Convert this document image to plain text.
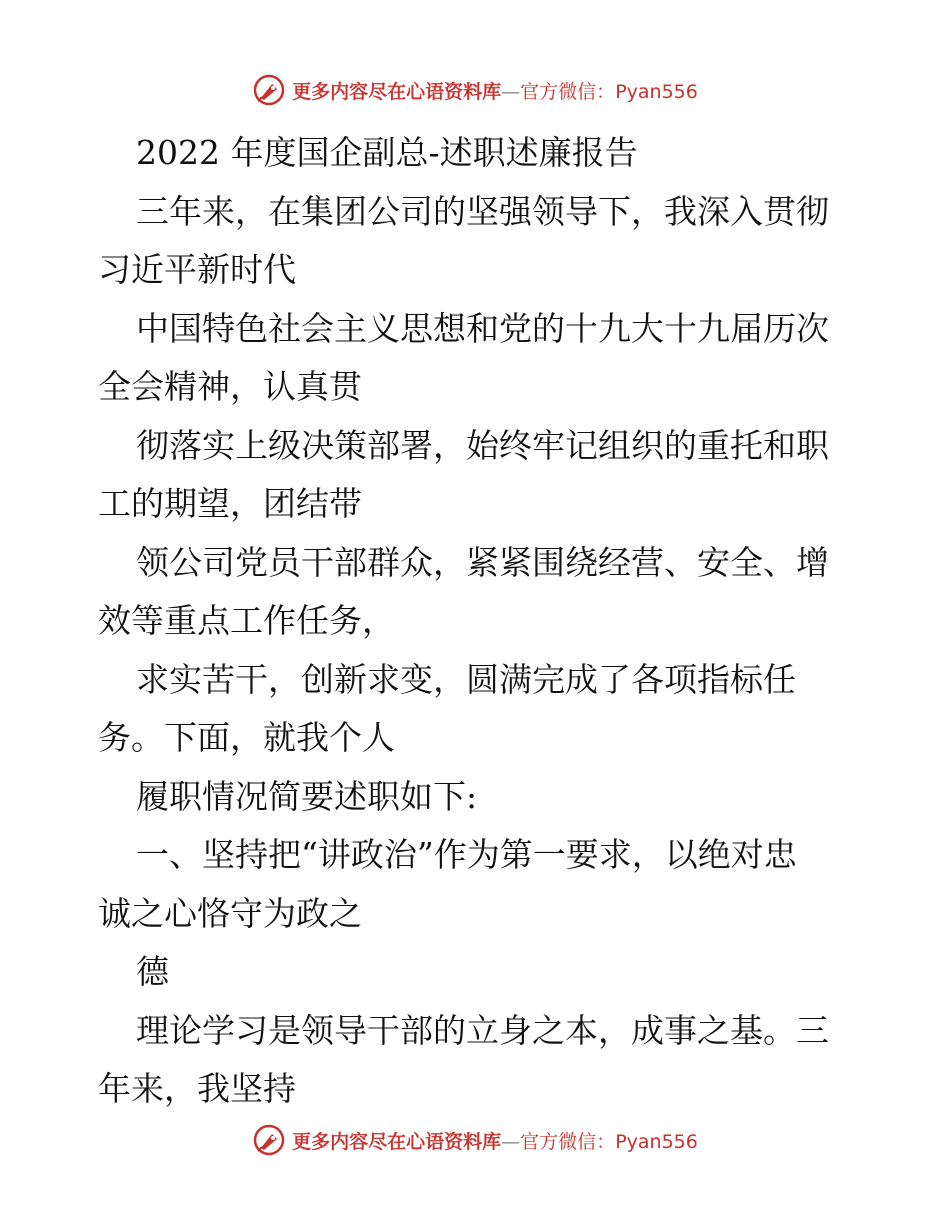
更多内容尽在心语资料库—官方微信：Pyan556
2022 年度国企副总-述职述廉报告
三年来，在集团公司的坚强领导下，我深入贯彻
习近平新时代
中国特色社会主义思想和党的十九大十九届历次
全会精神，认真贯
彻落实上级决策部署，始终牢记组织的重托和职
工的期望，团结带
领公司党员干部群众，紧紧围绕经营、安全、增
效等重点工作任务，
求实苦干，创新求变，圆满完成了各项指标任
务。下面，就我个人
履职情况简要述职如下:
一、坚持把“讲政治”作为第一要求，以绝对忠
诚之心恪守为政之
德
理论学习是领导干部的立身之本，成事之基。三
年来，我坚持
更多内容尽在心语资料库—官方微信：Pyan556
